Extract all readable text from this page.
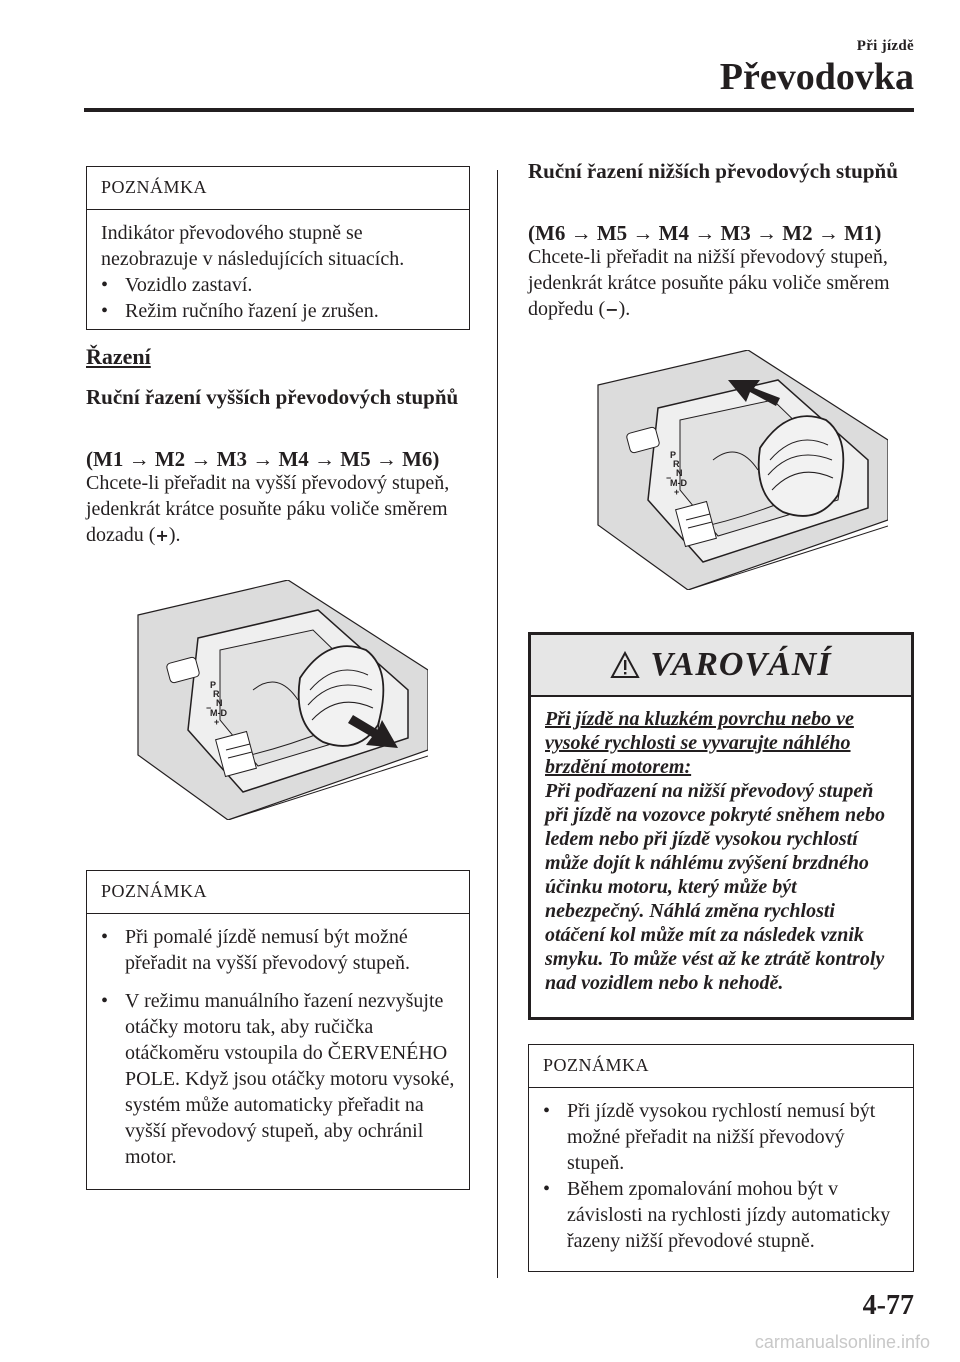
Při jízdě
Převodovka
POZNÁMKA
Indikátor převodového stupně se nezobrazuje v následujících situacích.
• Vozidlo zastaví.
• Režim ručního řazení je zrušen.
Řazení
Ruční řazení vyšších převodových stupňů
(M1 → M2 → M3 → M4 → M5 → M6)
Chcete-li přeřadit na vyšší převodový stupeň, jedenkrát krátce posuňte páku voliče směrem dozadu (+).
P
R
N
−
M-D
+
POZNÁMKA
• Při pomalé jízdě nemusí být možné přeřadit na vyšší převodový stupeň.
• V režimu manuálního řazení nezvyšujte otáčky motoru tak, aby ručička otáčkoměru vstoupila do ČERVENÉHO POLE. Když jsou otáčky motoru vysoké, systém může automaticky přeřadit na vyšší převodový stupeň, aby ochránil motor.
Ruční řazení nižších převodových stupňů
(M6 → M5 → M4 → M3 → M2 → M1)
Chcete-li přeřadit na nižší převodový stupeň, jedenkrát krátce posuňte páku voliče směrem dopředu (−).
P
R
N
−
M-D
+
VAROVÁNÍ
Při jízdě na kluzkém povrchu nebo ve vysoké rychlosti se vyvarujte náhlého brzdění motorem:
Při podřazení na nižší převodový stupeň při jízdě na vozovce pokryté sněhem nebo ledem nebo při jízdě vysokou rychlostí může dojít k náhlému zvýšení brzdného účinku motoru, který může být nebezpečný. Náhlá změna rychlosti otáčení kol může mít za následek vznik smyku. To může vést až ke ztrátě kontroly nad vozidlem nebo k nehodě.
POZNÁMKA
• Při jízdě vysokou rychlostí nemusí být možné přeřadit na nižší převodový stupeň.
• Během zpomalování mohou být v závislosti na rychlosti jízdy automaticky řazeny nižší převodové stupně.
4-77
carmanualsonline.info
